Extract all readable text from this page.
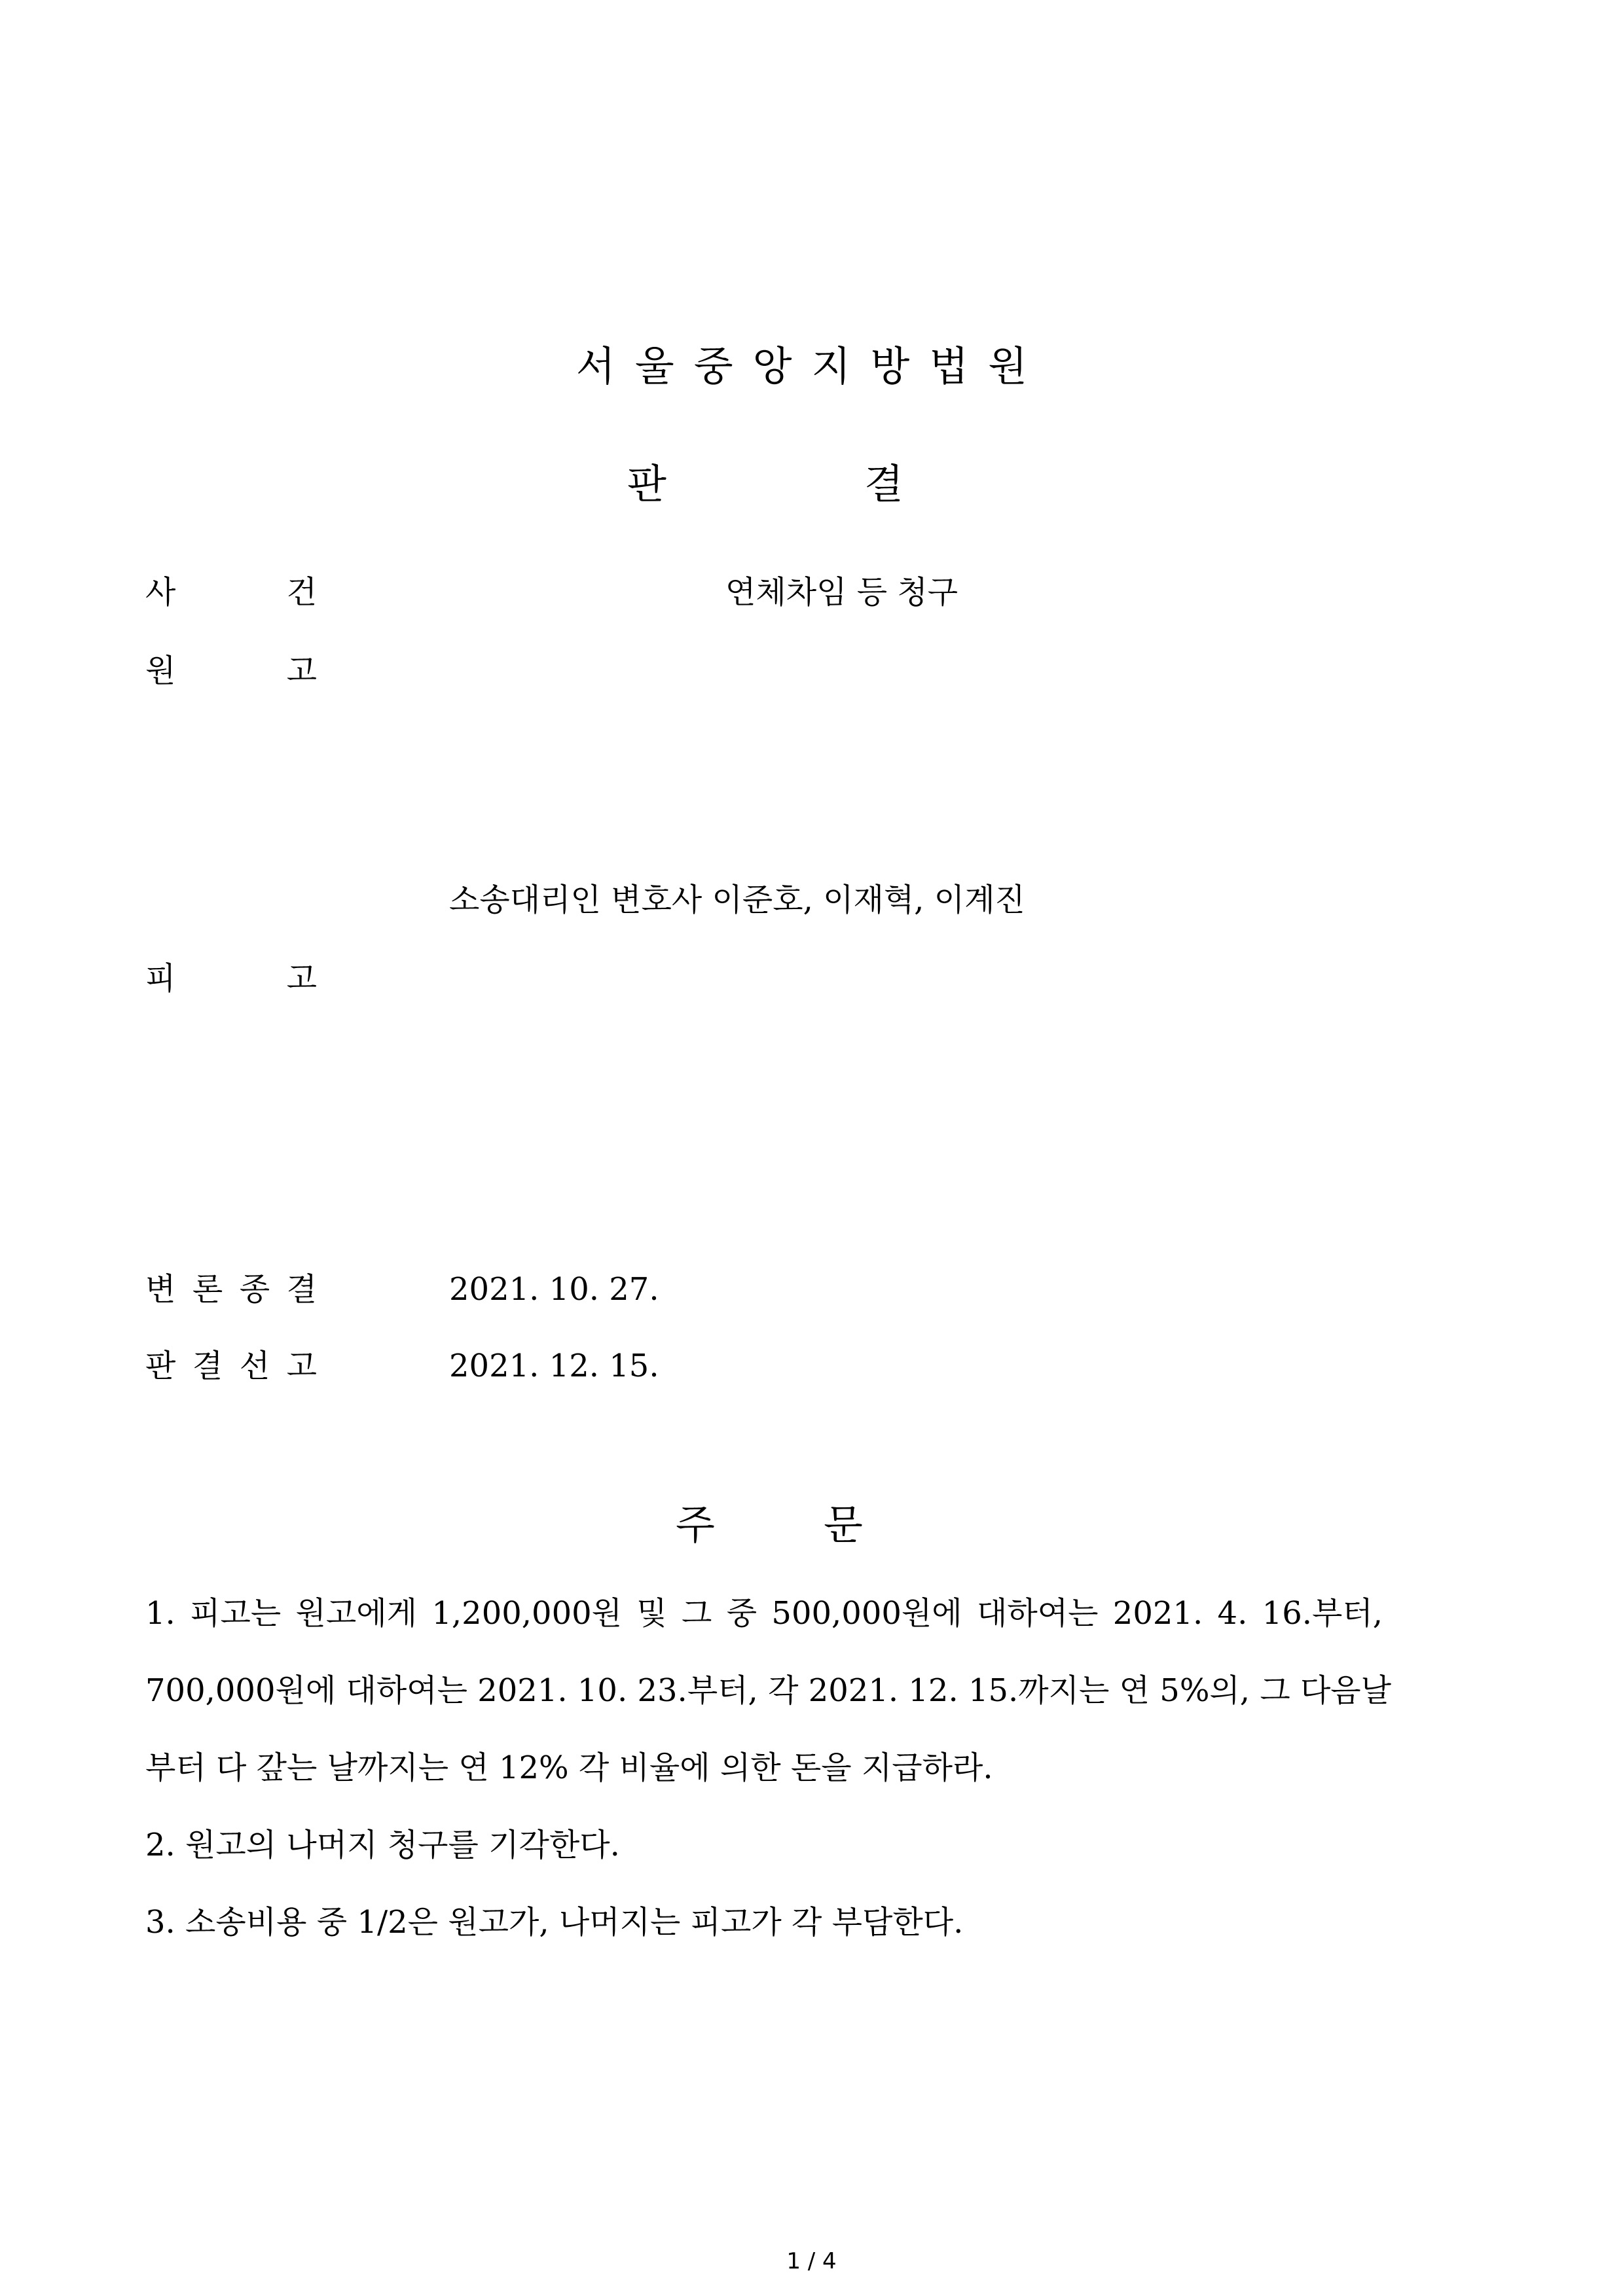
서울중앙지방법원
판	결
사	건	연체차임 등 청구
원	고
소송대리인 변호사 이준호, 이재혁, 이계진
피	고
변 론 종 결	2021. 10. 27.
판 결 선 고	2021. 12. 15.
주	문
1. 피고는 원고에게 1,200,000원 및 그 중 500,000원에 대하여는 2021. 4. 16.부터,
700,000원에 대하여는 2021. 10. 23.부터, 각 2021. 12. 15.까지는 연 5%의, 그 다음날
부터 다 갚는 날까지는 연 12% 각 비율에 의한 돈을 지급하라.
2. 원고의 나머지 청구를 기각한다.
3. 소송비용 중 1/2은 원고가, 나머지는 피고가 각 부담한다.
1 / 4
